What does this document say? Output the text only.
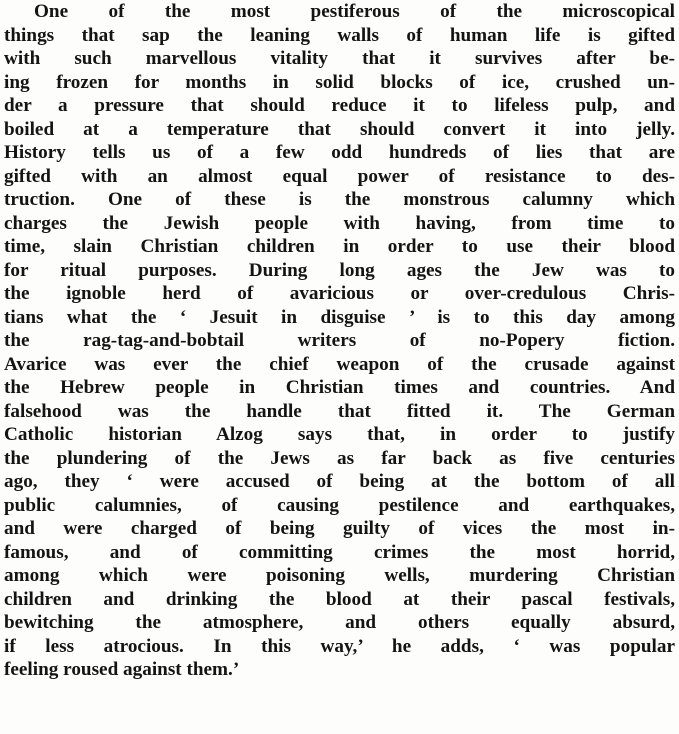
One of the most pestiferous of the microscopical
things that sap the leaning walls of human life is gifted
with such marvellous vitality that it survives after be-
ing frozen for months in solid blocks of ice, crushed un-
der a pressure that should reduce it to lifeless pulp, and
boiled at a temperature that should convert it into jelly.
History tells us of a few odd hundreds of lies that are
gifted with an almost equal power of resistance to des-
truction. One of these is the monstrous calumny which
charges the Jewish people with having, from time to
time, slain Christian children in order to use their blood
for ritual purposes. During long ages the Jew was to
the ignoble herd of avaricious or over-credulous Chris-
tians what the ‘ Jesuit in disguise ’ is to this day among
the rag-tag-and-bobtail writers of no-Popery fiction.
Avarice was ever the chief weapon of the crusade against
the Hebrew people in Christian times and countries. And
falsehood was the handle that fitted it. The German
Catholic historian Alzog says that, in order to justify
the plundering of the Jews as far back as five centuries
ago, they ‘ were accused of being at the bottom of all
public calumnies, of causing pestilence and earthquakes,
and were charged of being guilty of vices the most in-
famous, and of committing crimes the most horrid,
among which were poisoning wells, murdering Christian
children and drinking the blood at their pascal festivals,
bewitching the atmosphere, and others equally absurd,
if less atrocious. In this way,’ he adds, ‘ was popular
feeling roused against them.’
